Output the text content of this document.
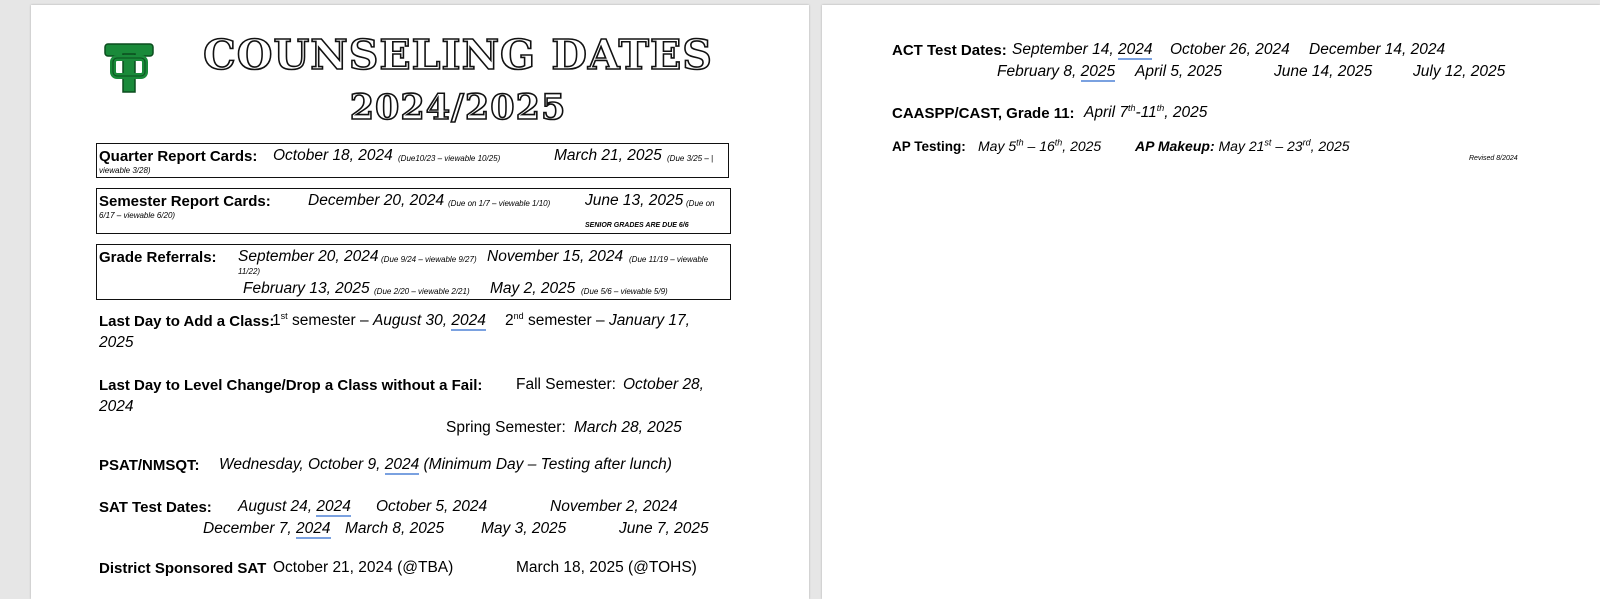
COUNSELING DATES
2024/2025
Quarter Report Cards: October 18, 2024 (Due10/23 – viewable 10/25)	March 21, 2025 (Due 3/25 – |
viewable 3/28)
Semester Report Cards: December 20, 2024 (Due on 1/7 – viewable 1/10) June 13, 2025 (Due on
6/17 – viewable 6/20)
SENIOR GRADES ARE DUE 6/6
Grade Referrals: September 20, 2024 (Due 9/24 – viewable 9/27) November 15, 2024 (Due 11/19 – viewable
11/22)
February 13, 2025 (Due 2/20 – viewable 2/21) May 2, 2025 (Due 5/6 – viewable 5/9)
Last Day to Add a Class:
1st semester – August 30, 2024 2nd semester – January 17,
2025
Last Day to Level Change/Drop a Class without a Fail: Fall Semester: October 28,
2024
Spring Semester: March 28, 2025
PSAT/NMSQT: Wednesday, October 9, 2024 (Minimum Day – Testing after lunch)
SAT Test Dates: August 24, 2024 October 5, 2024	November 2, 2024
December 7, 2024 March 8, 2025 May 3, 2025	June 7, 2025
District Sponsored SAT October 21, 2024 (@TBA)	March 18, 2025 (@TOHS)
ACT Test Dates: September 14, 2024 October 26, 2024 December 14, 2024
February 8, 2025 April 5, 2025	June 14, 2025	July 12, 2025
CAASPP/CAST, Grade 11: April 7th-11th, 2025
AP Testing: May 5th – 16th, 2025 AP Makeup: May 21st – 23rd, 2025
Revised 8/2024
